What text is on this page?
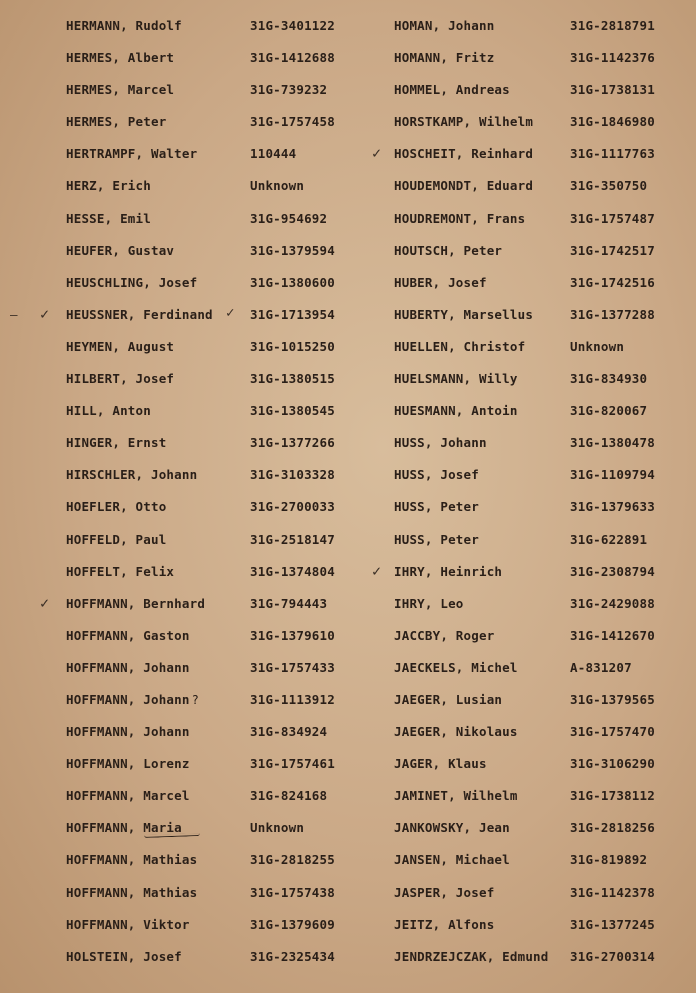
HERMANN, Rudolf	31G-3401122
HERMES, Albert	31G-1412688
HERMES, Marcel	31G-739232
HERMES, Peter	31G-1757458
HERTRAMPF, Walter	110444
HERZ, Erich	Unknown
HESSE, Emil	31G-954692
HEUFER, Gustav	31G-1379594
HEUSCHLING, Josef	31G-1380600
HEUSSNER, Ferdinand	31G-1713954
— ✓	✓
HEYMEN, August	31G-1015250
HILBERT, Josef	31G-1380515
HILL, Anton	31G-1380545
HINGER, Ernst	31G-1377266
HIRSCHLER, Johann	31G-3103328
HOEFLER, Otto	31G-2700033
HOFFELD, Paul	31G-2518147
HOFFELT, Felix	31G-1374804
HOFFMANN, Bernhard	31G-794443
✓
HOFFMANN, Gaston	31G-1379610
HOFFMANN, Johann	31G-1757433
HOFFMANN, Johann ?	31G-1113912
HOFFMANN, Johann	31G-834924
HOFFMANN, Lorenz	31G-1757461
HOFFMANN, Marcel	31G-824168
HOFFMANN, Maria	Unknown
HOFFMANN, Mathias	31G-2818255
HOFFMANN, Mathias	31G-1757438
HOFFMANN, Viktor	31G-1379609
HOLSTEIN, Josef	31G-2325434
HOMAN, Johann	31G-2818791
HOMANN, Fritz	31G-1142376
HOMMEL, Andreas	31G-1738131
HORSTKAMP, Wilhelm	31G-1846980
HOSCHEIT, Reinhard	31G-1117763
✓
HOUDEMONDT, Eduard	31G-350750
HOUDREMONT, Frans	31G-1757487
HOUTSCH, Peter	31G-1742517
HUBER, Josef	31G-1742516
HUBERTY, Marsellus	31G-1377288
HUELLEN, Christof	Unknown
HUELSMANN, Willy	31G-834930
HUESMANN, Antoin	31G-820067
HUSS, Johann	31G-1380478
HUSS, Josef	31G-1109794
HUSS, Peter	31G-1379633
HUSS, Peter	31G-622891
IHRY, Heinrich	31G-2308794
✓
IHRY, Leo	31G-2429088
JACCBY, Roger	31G-1412670
JAECKELS, Michel	A-831207
JAEGER, Lusian	31G-1379565
JAEGER, Nikolaus	31G-1757470
JAGER, Klaus	31G-3106290
JAMINET, Wilhelm	31G-1738112
JANKOWSKY, Jean	31G-2818256
JANSEN, Michael	31G-819892
JASPER, Josef	31G-1142378
JEITZ, Alfons	31G-1377245
JENDRZEJCZAK, Edmund 31G-2700314
